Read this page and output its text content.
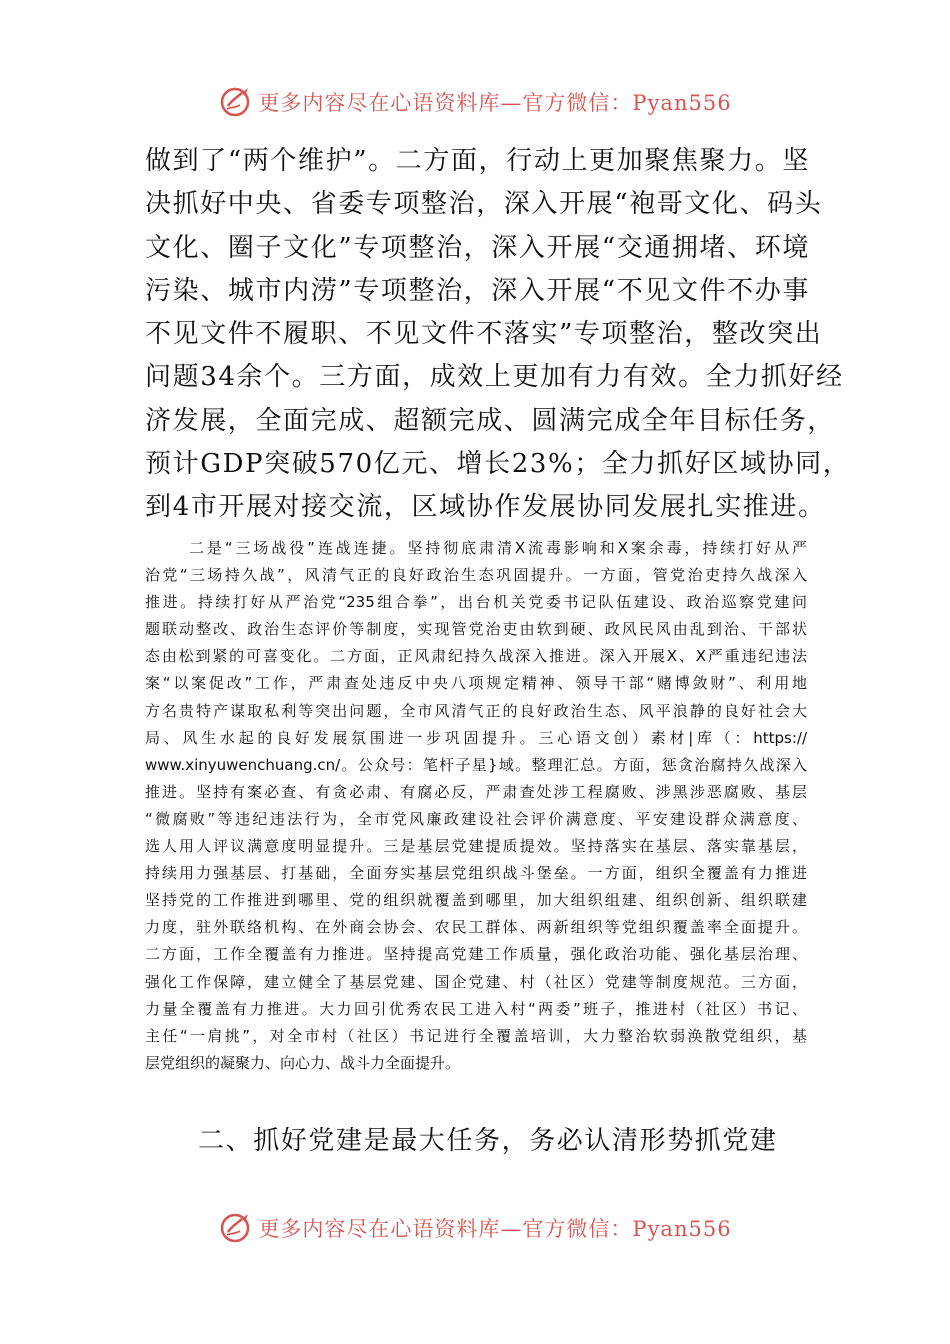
更多内容尽在心语资料库—官方微信：Pyan556
做到了“两个维护”。二方面，行动上更加聚焦聚力。坚
决抓好中央、省委专项整治，深入开展“袍哥文化、码头
文化、圈子文化”专项整治，深入开展“交通拥堵、环境
污染、城市内涝”专项整治，深入开展“不见文件不办事
不见文件不履职、不见文件不落实”专项整治，整改突出
问题34余个。三方面，成效上更加有力有效。全力抓好经
济发展，全面完成、超额完成、圆满完成全年目标任务，
预计GDP突破570亿元、增长23%；全力抓好区域协同，
到4市开展对接交流，区域协作发展协同发展扎实推进。
二是“三场战役”连战连捷。坚持彻底肃清X流毒影响和X案余毒，持续打好从严
治党“三场持久战”，风清气正的良好政治生态巩固提升。一方面，管党治吏持久战深入
推进。持续打好从严治党“235组合拳”，出台机关党委书记队伍建设、政治巡察党建问
题联动整改、政治生态评价等制度，实现管党治吏由软到硬、政风民风由乱到治、干部状
态由松到紧的可喜变化。二方面，正风肃纪持久战深入推进。深入开展X、X严重违纪违法
案“以案促改”工作，严肃查处违反中央八项规定精神、领导干部“赌博敛财”、利用地
方名贵特产谋取私利等突出问题，全市风清气正的良好政治生态、风平浪静的良好社会大
局、风生水起的良好发展氛围进一步巩固提升。三心语文创）素材|库（：https://
www.xinyuwenchuang.cn/。公众号：笔杆子星}域。整理汇总。方面，惩贪治腐持久战深入
推进。坚持有案必查、有贪必肃、有腐必反，严肃查处涉工程腐败、涉黑涉恶腐败、基层
“微腐败”等违纪违法行为，全市党风廉政建设社会评价满意度、平安建设群众满意度、
选人用人评议满意度明显提升。三是基层党建提质提效。坚持落实在基层、落实靠基层，
持续用力强基层、打基础，全面夯实基层党组织战斗堡垒。一方面，组织全覆盖有力推进
坚持党的工作推进到哪里、党的组织就覆盖到哪里，加大组织组建、组织创新、组织联建
力度，驻外联络机构、在外商会协会、农民工群体、两新组织等党组织覆盖率全面提升。
二方面，工作全覆盖有力推进。坚持提高党建工作质量，强化政治功能、强化基层治理、
强化工作保障，建立健全了基层党建、国企党建、村（社区）党建等制度规范。三方面，
力量全覆盖有力推进。大力回引优秀农民工进入村“两委”班子，推进村（社区）书记、
主任“一肩挑”，对全市村（社区）书记进行全覆盖培训，大力整治软弱涣散党组织，基
层党组织的凝聚力、向心力、战斗力全面提升。
二、抓好党建是最大任务，务必认清形势抓党建
更多内容尽在心语资料库—官方微信：Pyan556
